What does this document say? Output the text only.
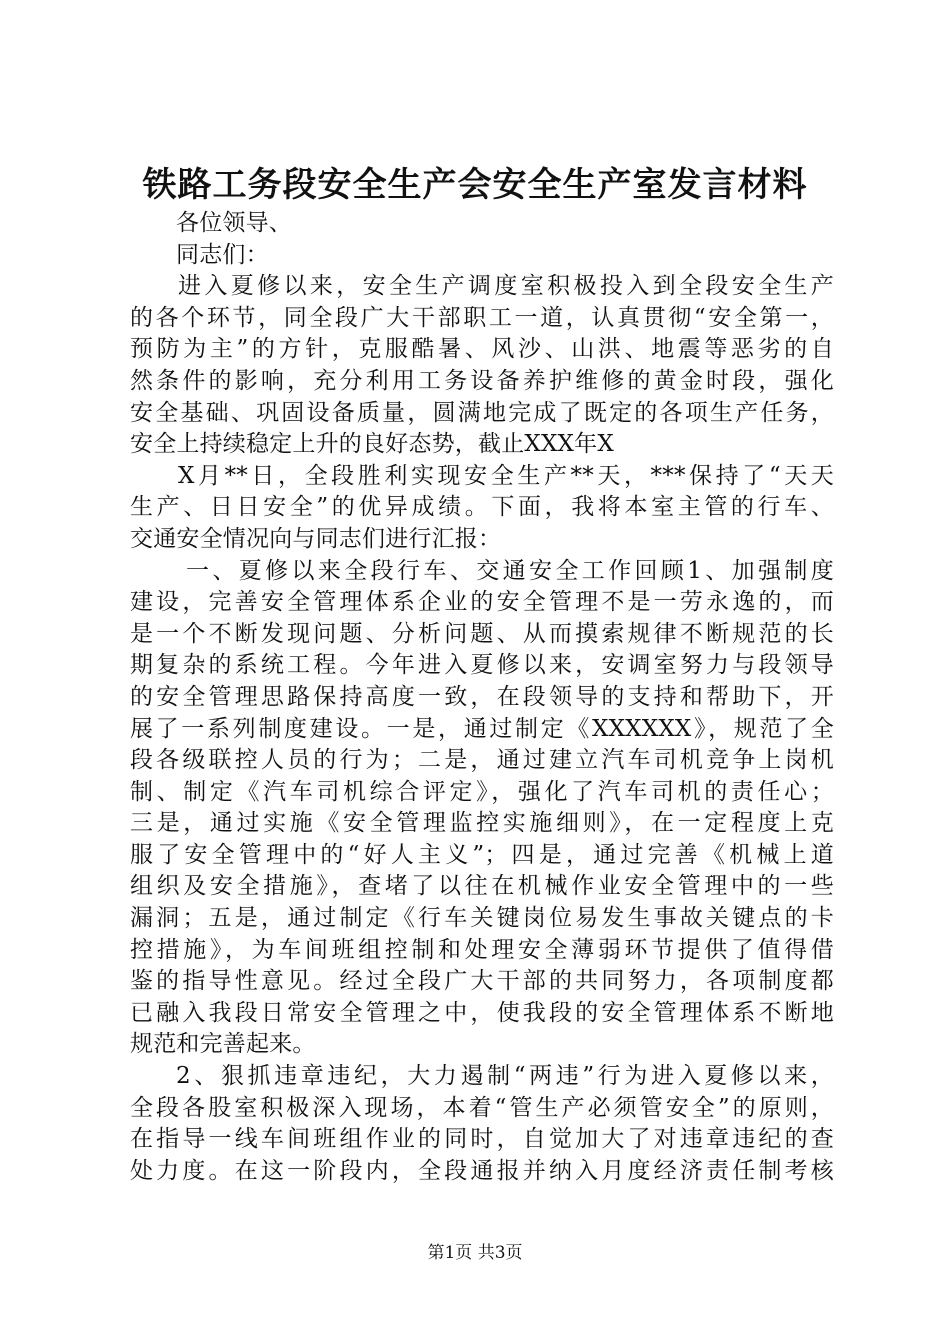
铁路工务段安全生产会安全生产室发言材料
各位领导、
同志们：
进入夏修以来，安全生产调度室积极投入到全段安全生产
的各个环节，同全段广大干部职工一道，认真贯彻“安全第一，
预防为主”的方针，克服酷暑、风沙、山洪、地震等恶劣的自
然条件的影响，充分利用工务设备养护维修的黄金时段，强化
安全基础、巩固设备质量，圆满地完成了既定的各项生产任务，
安全上持续稳定上升的良好态势，截止XXX年X
X月**日，全段胜利实现安全生产**天，***保持了“天天
生产、日日安全”的优异成绩。下面，我将本室主管的行车、
交通安全情况向与同志们进行汇报：
一、夏修以来全段行车、交通安全工作回顾1、加强制度
建设，完善安全管理体系企业的安全管理不是一劳永逸的，而
是一个不断发现问题、分析问题、从而摸索规律不断规范的长
期复杂的系统工程。今年进入夏修以来，安调室努力与段领导
的安全管理思路保持高度一致，在段领导的支持和帮助下，开
展了一系列制度建设。一是，通过制定《XXXXXX》，规范了全
段各级联控人员的行为；二是，通过建立汽车司机竞争上岗机
制、制定《汽车司机综合评定》，强化了汽车司机的责任心；
三是，通过实施《安全管理监控实施细则》，在一定程度上克
服了安全管理中的“好人主义”；四是，通过完善《机械上道
组织及安全措施》，查堵了以往在机械作业安全管理中的一些
漏洞；五是，通过制定《行车关键岗位易发生事故关键点的卡
控措施》，为车间班组控制和处理安全薄弱环节提供了值得借
鉴的指导性意见。经过全段广大干部的共同努力，各项制度都
已融入我段日常安全管理之中，使我段的安全管理体系不断地
规范和完善起来。
2、狠抓违章违纪，大力遏制“两违”行为进入夏修以来，
全段各股室积极深入现场，本着“管生产必须管安全”的原则，
在指导一线车间班组作业的同时，自觉加大了对违章违纪的查
处力度。在这一阶段内，全段通报并纳入月度经济责任制考核
第1页 共3页
